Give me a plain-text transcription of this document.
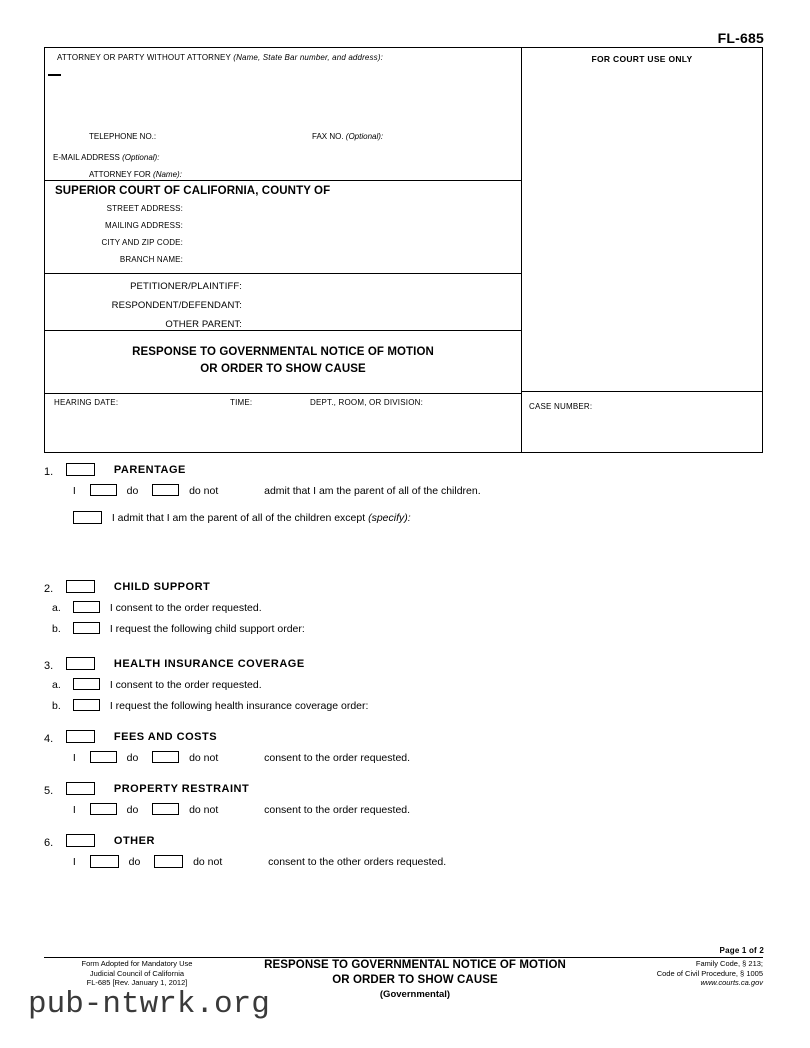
FL-685
ATTORNEY OR PARTY WITHOUT ATTORNEY (Name, State Bar number, and address):
TELEPHONE NO.:	FAX NO. (Optional):
E-MAIL ADDRESS (Optional):
ATTORNEY FOR (Name):
SUPERIOR COURT OF CALIFORNIA, COUNTY OF
STREET ADDRESS:
MAILING ADDRESS:
CITY AND ZIP CODE:
BRANCH NAME:
PETITIONER/PLAINTIFF:
RESPONDENT/DEFENDANT:
OTHER PARENT:
RESPONSE TO GOVERNMENTAL NOTICE OF MOTION
OR ORDER TO SHOW CAUSE
HEARING DATE:	TIME:	DEPT., ROOM, OR DIVISION:
FOR COURT USE ONLY
CASE NUMBER:
1.	PARENTAGE
I	do	do not	admit that I am the parent of all of the children.
I admit that I am the parent of all of the children except (specify):
2.	CHILD SUPPORT
a.	I consent to the order requested.
b.	I request the following child support order:
3.	HEALTH INSURANCE COVERAGE
a.	I consent to the order requested.
b.	I request the following health insurance coverage order:
4.	FEES AND COSTS
I	do	do not	consent to the order requested.
5.	PROPERTY RESTRAINT
I	do	do not	consent to the order requested.
6.	OTHER
I	do	do not	consent to the other orders requested.
Page 1 of 2
Form Adopted for Mandatory Use
Judicial Council of California
FL-685 [Rev. January 1, 2012]
RESPONSE TO GOVERNMENTAL NOTICE OF MOTION
OR ORDER TO SHOW CAUSE
(Governmental)
Family Code, § 213;
Code of Civil Procedure, § 1005
www.courts.ca.gov
pub-ntwrk.org
